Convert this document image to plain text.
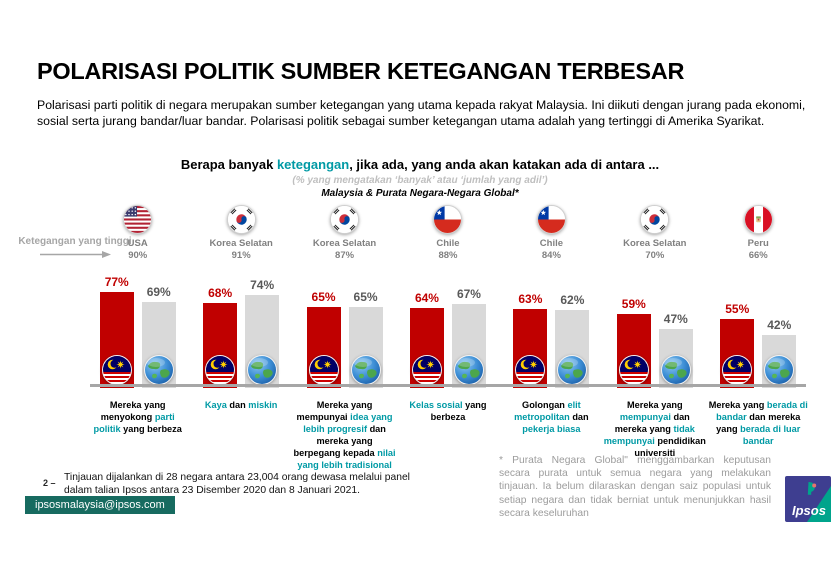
POLARISASI POLITIK SUMBER KETEGANGAN TERBESAR
Polarisasi parti politik di negara merupakan sumber ketegangan yang utama kepada rakyat Malaysia. Ini diikuti dengan jurang pada ekonomi, sosial serta jurang bandar/luar bandar. Polarisasi politik sebagai sumber ketegangan utama adalah yang tertinggi di Amerika Syarikat.
Berapa banyak ketegangan, jika ada, yang anda akan katakan ada di antara ...
(% yang mengatakan ‘banyak’ atau ‘jumlah yang adil’)
Malaysia & Purata Negara-Negara Global*
Ketegangan yang tinggi
USA
90%
77%
69%
Mereka yang menyokong parti politik yang berbeza
Korea Selatan
91%
68%
74%
Kaya dan miskin
Korea Selatan
87%
65% 65%
Mereka yang mempunyai idea yang lebih progresif dan mereka yang berpegang kepada nilai yang lebih tradisional
Chile
88%
64% 67%
Kelas sosial yang berbeza
Chile
84%
63% 62%
Golongan elit metropolitan dan pekerja biasa
Korea Selatan
70%
59%
47%
Mereka yang mempunyai dan mereka yang tidak mempunyai pendidikan universiti
Peru
66%
55%
42%
Mereka yang berada di bandar dan mereka yang berada di luar bandar
2 – Tinjauan dijalankan di 28 negara antara 23,004 orang dewasa melalui panel dalam talian Ipsos antara 23 Disember 2020 dan 8 Januari 2021.
ipsosmalaysia@ipsos.com
* Purata Negara Global" menggambarkan keputusan secara purata untuk semua negara yang melakukan tinjauan. Ia belum dilaraskan dengan saiz populasi untuk setiap negara dan tidak berniat untuk menunjukkan hasil secara keseluruhan	Ipsos
